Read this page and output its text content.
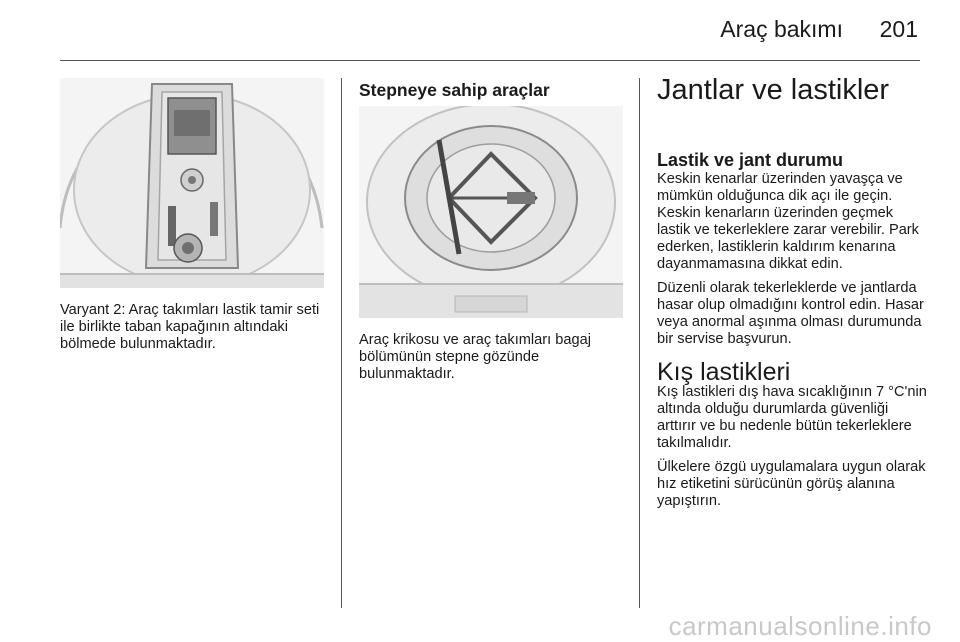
Araç bakımı 201

Varyant 2: Araç takımları lastik tamir seti ile birlikte taban kapağının altındaki bölmede bulunmaktadır.

Stepneye sahip araçlar

Araç krikosu ve araç takımları bagaj bölümünün stepne gözünde bulunmaktadır.

Jantlar ve lastikler
Lastik ve jant durumu

Keskin kenarlar üzerinden yavaşça ve mümkün olduğunca dik açı ile geçin. Keskin kenarların üzerinden geçmek lastik ve tekerleklere zarar verebilir. Park ederken, lastiklerin kaldırım kenarına dayanmamasına dikkat edin.

Düzenli olarak tekerleklerde ve jantlarda hasar olup olmadığını kontrol edin. Hasar veya anormal aşınma olması durumunda bir servise başvurun.

Kış lastikleri

Kış lastikleri dış hava sıcaklığının 7 °C'nin altında olduğu durumlarda güvenliği arttırır ve bu nedenle bütün tekerleklere takılmalıdır.

Ülkelere özgü uygulamalara uygun olarak hız etiketini sürücünün görüş alanına yapıştırın.

carmanualsonline.info
